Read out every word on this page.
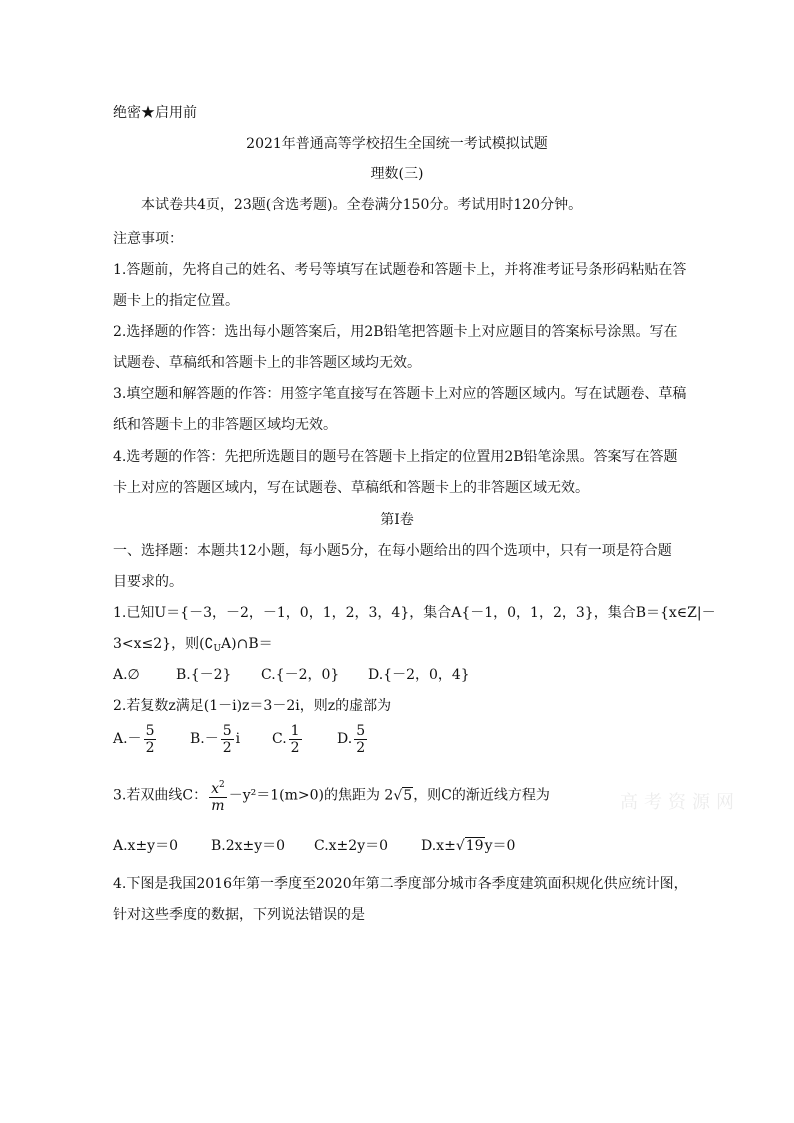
绝密★启用前
2021年普通高等学校招生全国统一考试模拟试题
理数(三)
本试卷共4页，23题(含选考题)。全卷满分150分。考试用时120分钟。
注意事项：
1.答题前，先将自己的姓名、考号等填写在试题卷和答题卡上，并将准考证号条形码粘贴在答
题卡上的指定位置。
2.选择题的作答：选出每小题答案后，用2B铅笔把答题卡上对应题目的答案标号涂黑。写在
试题卷、草稿纸和答题卡上的非答题区域均无效。
3.填空题和解答题的作答：用签字笔直接写在答题卡上对应的答题区域内。写在试题卷、草稿
纸和答题卡上的非答题区域均无效。
4.选考题的作答：先把所选题目的题号在答题卡上指定的位置用2B铅笔涂黑。答案写在答题
卡上对应的答题区域内，写在试题卷、草稿纸和答题卡上的非答题区域无效。
第Ⅰ卷
一、选择题：本题共12小题，每小题5分，在每小题给出的四个选项中，只有一项是符合题
目要求的。
1.已知U＝{－3，－2，－1，0，1，2，3，4}，集合A{－1，0，1，2，3}，集合B＝{x∈Z|－
3<x≤2}，则$(∁_UA)\cap B=$
A.∅	B.{－2} C.{－2，0} D.{－2，0，4}
2.若复数z满足(1－i)z＝3－2i，则z的虚部为
$A.- \frac{5}{2} B.- \frac{5}{2}$ i C. $\frac{1}{2}$	D. $\frac{5}{2}$
3.若双曲线C： $\frac{x^2}{m} -y^2=1(m>0)$的焦距为 2√5，则C的渐近线方程为
A.x±y＝0 B.2x±y＝0 C.x±2y＝0 D.x±√19y＝0
4.下图是我国2016年第一季度至2020年第二季度部分城市各季度建筑面积规化供应统计图，
针对这些季度的数据，下列说法错误的是
高考资源网
